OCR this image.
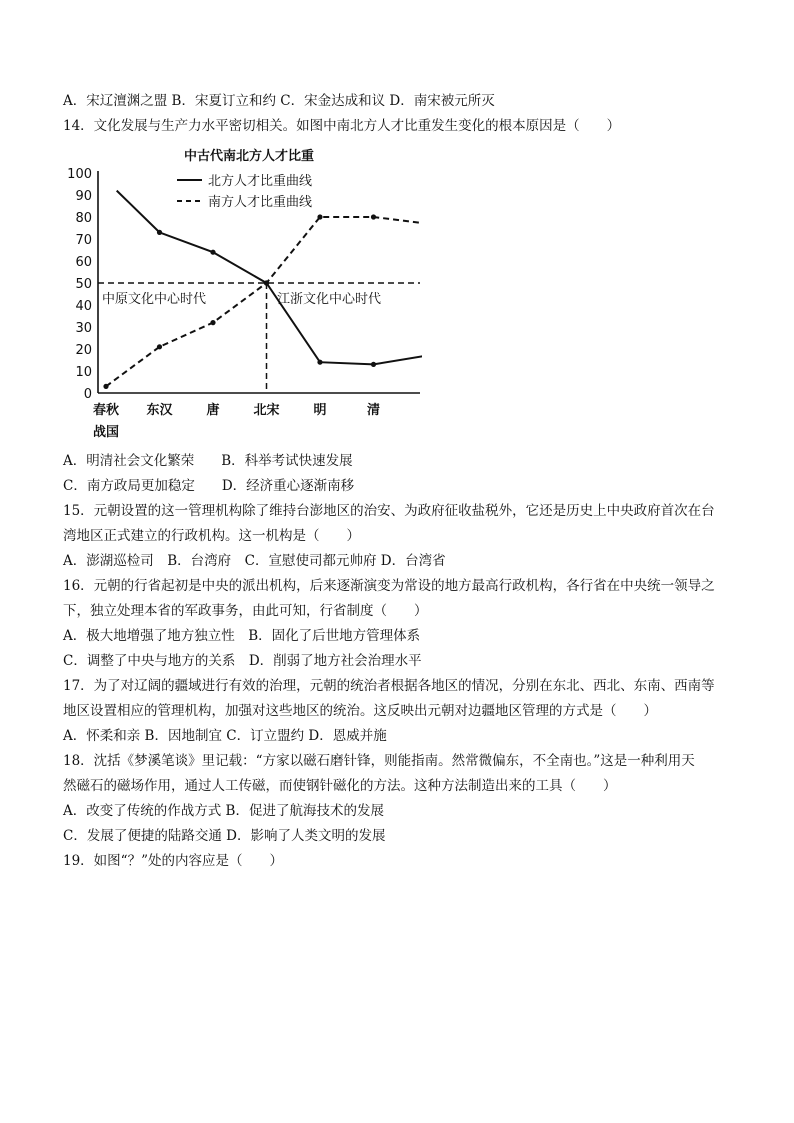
A．宋辽澶渊之盟 B．宋夏订立和约 C．宋金达成和议 D．南宋被元所灭
14．文化发展与生产力水平密切相关。如图中南北方人才比重发生变化的根本原因是（　　）
0
10
20
30
40
50
60
70
80
90
100
春秋 东汉	唐	北宋	明	清
战国
中古代南北方人才比重
北方人才比重曲线
南方人才比重曲线
中原文化中心时代	江浙文化中心时代
A．明清社会文化繁荣　　B．科举考试快速发展
C．南方政局更加稳定　　D．经济重心逐渐南移
15．元朝设置的这一管理机构除了维持台澎地区的治安、为政府征收盐税外，它还是历史上中央政府首次在台
湾地区正式建立的行政机构。这一机构是（　　）
A．澎湖巡检司　B．台湾府　C．宣慰使司都元帅府 D．台湾省
16．元朝的行省起初是中央的派出机构，后来逐渐演变为常设的地方最高行政机构，各行省在中央统一领导之
下，独立处理本省的军政事务，由此可知，行省制度（　　）
A．极大地增强了地方独立性　B．固化了后世地方管理体系
C．调整了中央与地方的关系　D．削弱了地方社会治理水平
17．为了对辽阔的疆域进行有效的治理，元朝的统治者根据各地区的情况，分别在东北、西北、东南、西南等
地区设置相应的管理机构，加强对这些地区的统治。这反映出元朝对边疆地区管理的方式是（　　）
A．怀柔和亲 B．因地制宜 C．订立盟约 D．恩威并施
18．沈括《梦溪笔谈》里记载：“方家以磁石磨针锋，则能指南。然常微偏东，不全南也。”这是一种利用天
然磁石的磁场作用，通过人工传磁，而使钢针磁化的方法。这种方法制造出来的工具（　　）
A．改变了传统的作战方式 B．促进了航海技术的发展
C．发展了便捷的陆路交通 D．影响了人类文明的发展
19．如图“？”处的内容应是（　　）
